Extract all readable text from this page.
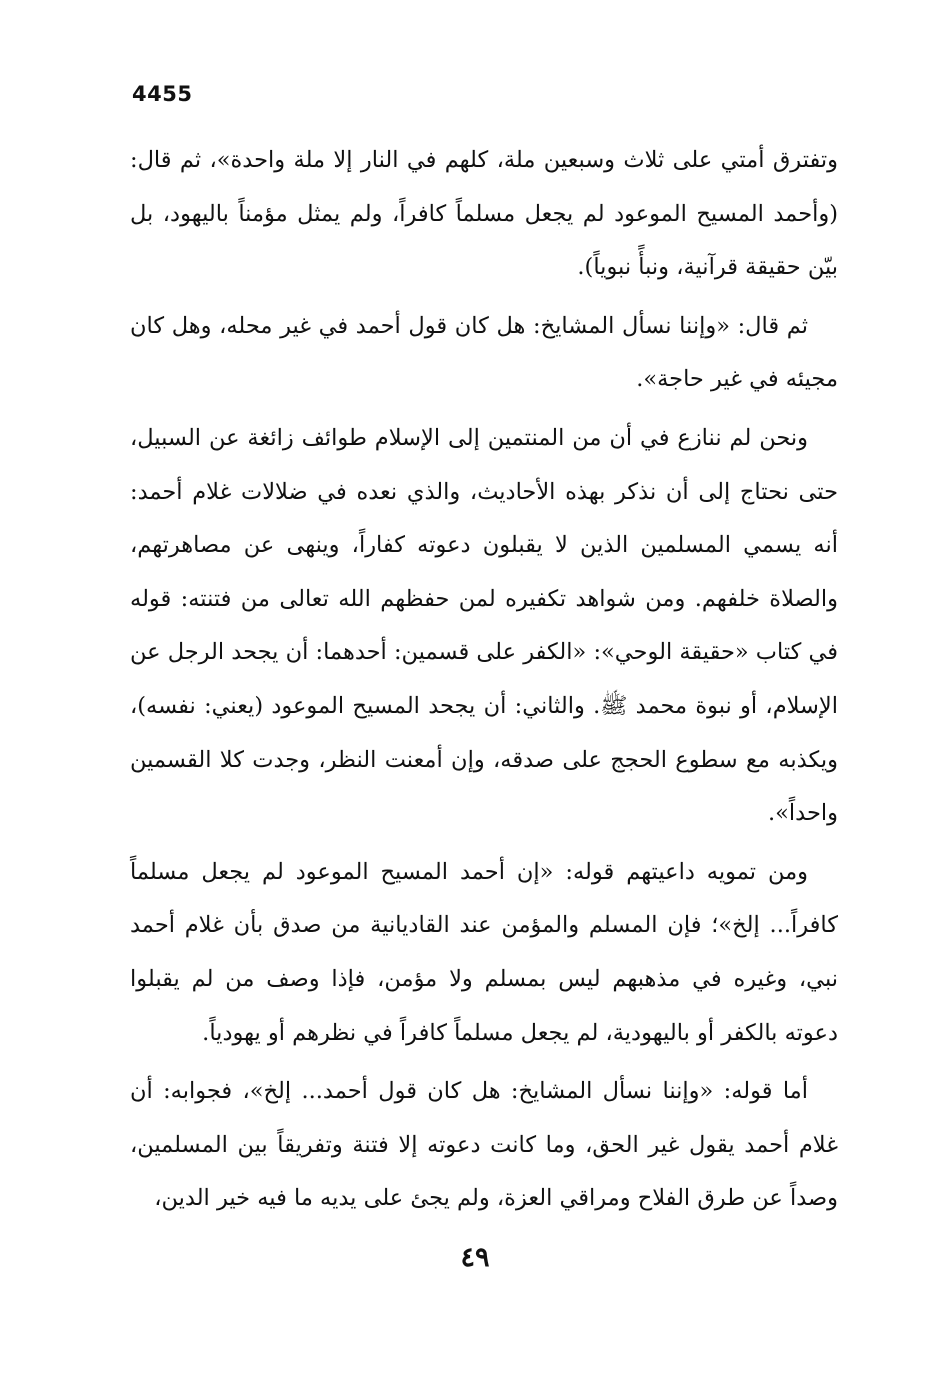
4455

وتفترق أمتي على ثلاث وسبعين ملة، كلهم في النار إلا ملة واحدة»، ثم قال: (وأحمد المسيح الموعود لم يجعل مسلماً كافراً، ولم يمثل مؤمناً باليهود، بل بيّن حقيقة قرآنية، ونبأً نبوياً).

ثم قال: «وإننا نسأل المشايخ: هل كان قول أحمد في غير محله، وهل كان مجيئه في غير حاجة».

ونحن لم ننازع في أن من المنتمين إلى الإسلام طوائف زائغة عن السبيل، حتى نحتاج إلى أن نذكر بهذه الأحاديث، والذي نعده في ضلالات غلام أحمد: أنه يسمي المسلمين الذين لا يقبلون دعوته كفاراً، وينهى عن مصاهرتهم، والصلاة خلفهم. ومن شواهد تكفيره لمن حفظهم الله تعالى من فتنته: قوله في كتاب «حقيقة الوحي»: «الكفر على قسمين: أحدهما: أن يجحد الرجل عن الإسلام، أو نبوة محمد ﷺ. والثاني: أن يجحد المسيح الموعود (يعني: نفسه)، ويكذبه مع سطوع الحجج على صدقه، وإن أمعنت النظر، وجدت كلا القسمين واحداً».

ومن تمويه داعيتهم قوله: «إن أحمد المسيح الموعود لم يجعل مسلماً كافراً... إلخ»؛ فإن المسلم والمؤمن عند القاديانية من صدق بأن غلام أحمد نبي، وغيره في مذهبهم ليس بمسلم ولا مؤمن، فإذا وصف من لم يقبلوا دعوته بالكفر أو باليهودية، لم يجعل مسلماً كافراً في نظرهم أو يهودياً.

أما قوله: «وإننا نسأل المشايخ: هل كان قول أحمد... إلخ»، فجوابه: أن غلام أحمد يقول غير الحق، وما كانت دعوته إلا فتنة وتفريقاً بين المسلمين، وصداً عن طرق الفلاح ومراقي العزة، ولم يجئ على يديه ما فيه خير الدين،

٤٩
